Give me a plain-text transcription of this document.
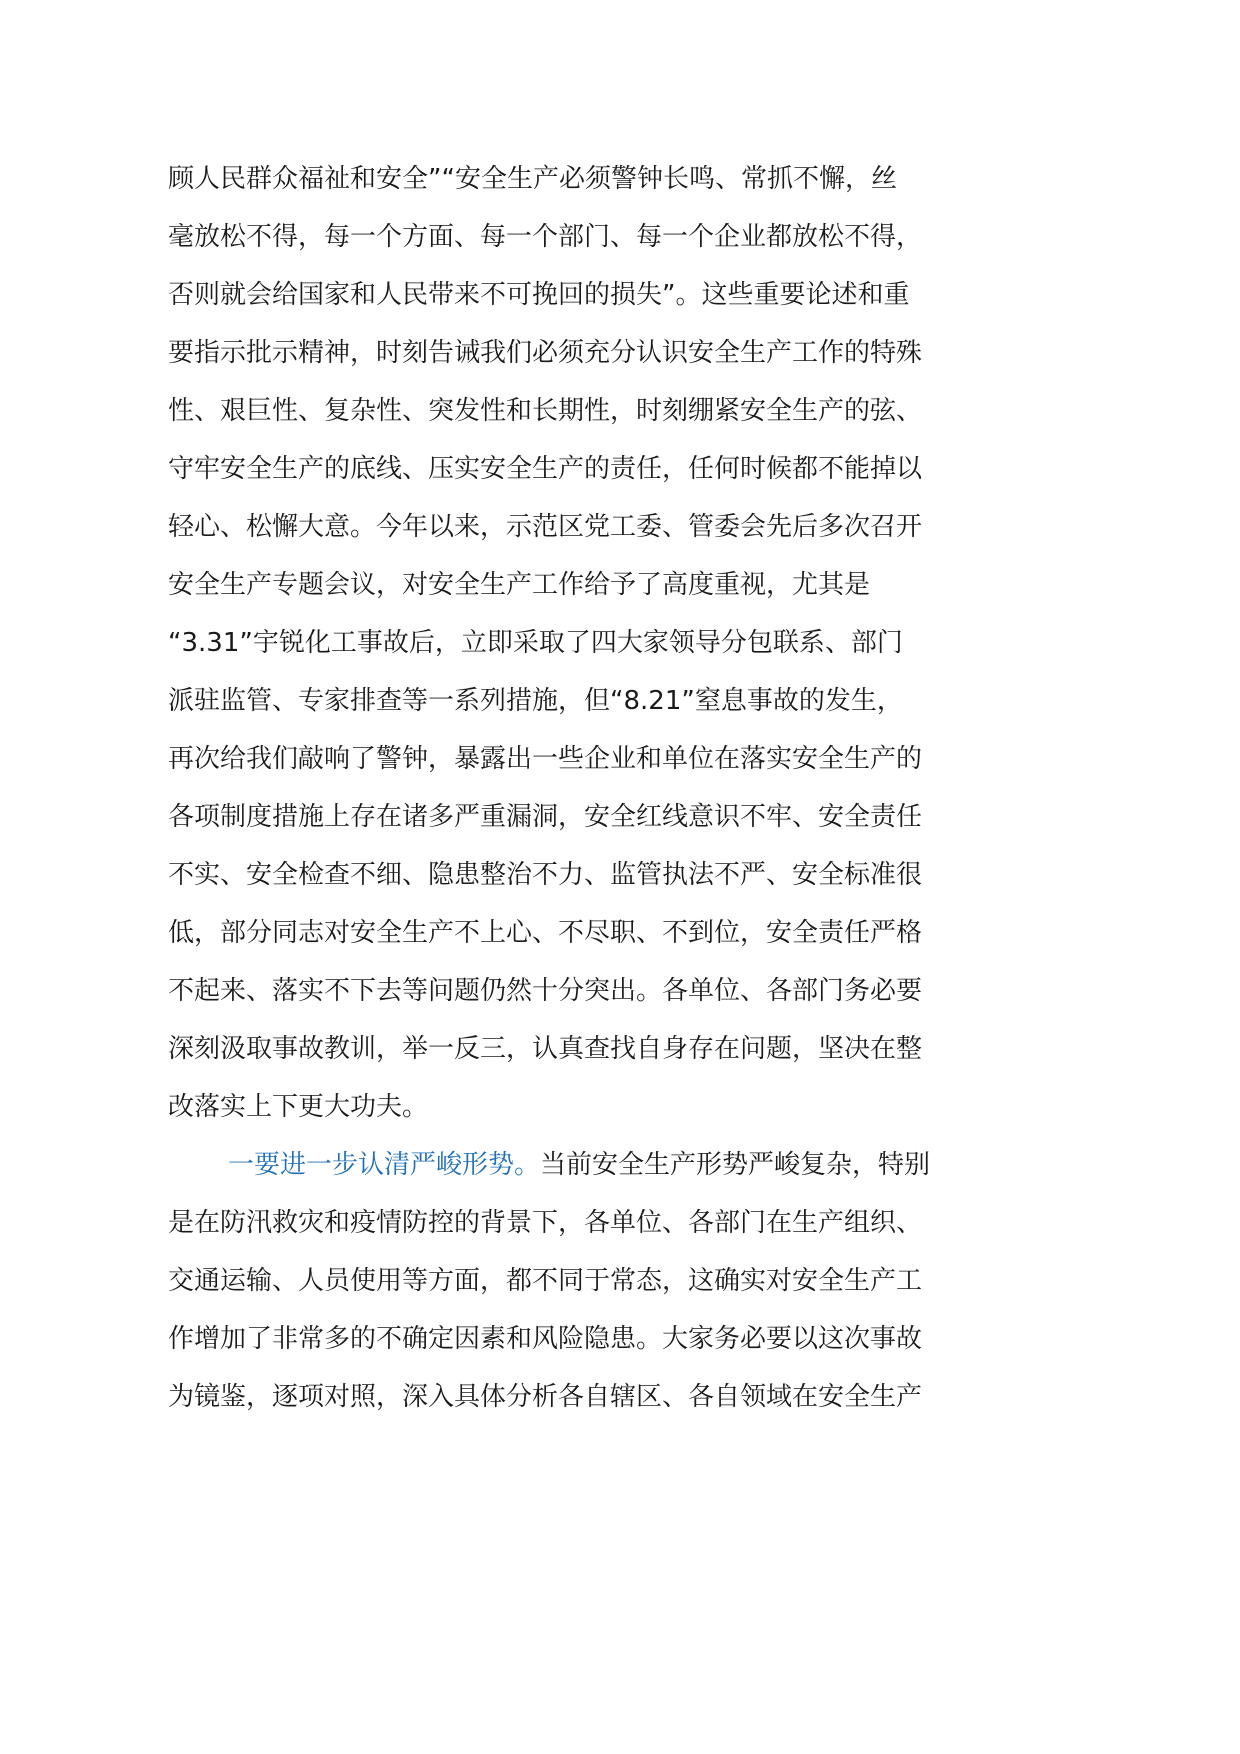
顾人民群众福祉和安全”“安全生产必须警钟长鸣、常抓不懈，丝
毫放松不得，每一个方面、每一个部门、每一个企业都放松不得，
否则就会给国家和人民带来不可挽回的损失”。这些重要论述和重
要指示批示精神，时刻告诫我们必须充分认识安全生产工作的特殊
性、艰巨性、复杂性、突发性和长期性，时刻绷紧安全生产的弦、
守牢安全生产的底线、压实安全生产的责任，任何时候都不能掉以
轻心、松懈大意。今年以来，示范区党工委、管委会先后多次召开
安全生产专题会议，对安全生产工作给予了高度重视，尤其是
“3.31”宇锐化工事故后，立即采取了四大家领导分包联系、部门
派驻监管、专家排查等一系列措施，但“8.21”窒息事故的发生，
再次给我们敲响了警钟，暴露出一些企业和单位在落实安全生产的
各项制度措施上存在诸多严重漏洞，安全红线意识不牢、安全责任
不实、安全检查不细、隐患整治不力、监管执法不严、安全标准很
低，部分同志对安全生产不上心、不尽职、不到位，安全责任严格
不起来、落实不下去等问题仍然十分突出。各单位、各部门务必要
深刻汲取事故教训，举一反三，认真查找自身存在问题，坚决在整
改落实上下更大功夫。
一要进一步认清严峻形势。当前安全生产形势严峻复杂，特别
是在防汛救灾和疫情防控的背景下，各单位、各部门在生产组织、
交通运输、人员使用等方面，都不同于常态，这确实对安全生产工
作增加了非常多的不确定因素和风险隐患。大家务必要以这次事故
为镜鉴，逐项对照，深入具体分析各自辖区、各自领域在安全生产
